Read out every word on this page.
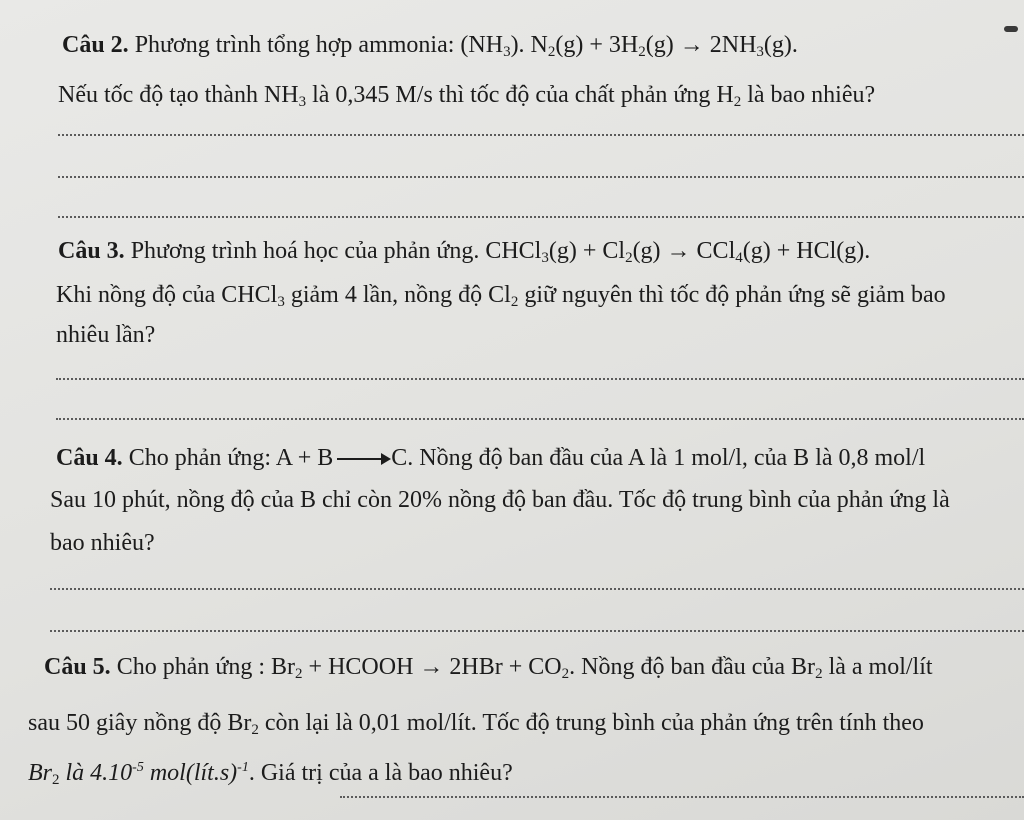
Câu 2. Phương trình tổng hợp ammonia: $(NH_3)$. $N_2(g) + 3H_2(g) \to 2NH_3(g)$.
Nếu tốc độ tạo thành $NH_3$ là 0,345 M/s thì tốc độ của chất phản ứng $H_2$ là bao nhiêu?
Câu 3. Phương trình hoá học của phản ứng. CHCl$_3$(g) + $Cl_2(g) \to CCl_4(g) + HCl(g)$.
Khi nồng độ của CHCl$_3$ giảm 4 lần, nồng độ $Cl_2$ giữ nguyên thì tốc độ phản ứng sẽ giảm bao
nhiêu lần?
Câu 4. Cho phản ứng: A + B → C. Nồng độ ban đầu của A là 1 mol/l, của B là 0,8 mol/l
Sau 10 phút, nồng độ của B chỉ còn 20% nồng độ ban đầu. Tốc độ trung bình của phản ứng là
bao nhiêu?
Câu 5. Cho phản ứng : $Br_2$ + HCOOH → $2HBr + CO_2$. Nồng độ ban đầu của $Br_2$ là a mol/lít
sau 50 giây nồng độ $Br_2$ còn lại là 0,01 mol/lít. Tốc độ trung bình của phản ứng trên tính theo
$Br_2$ là $4.10^{-5}$ mol(lít.s)$^{-1}$. Giá trị của a là bao nhiêu?
